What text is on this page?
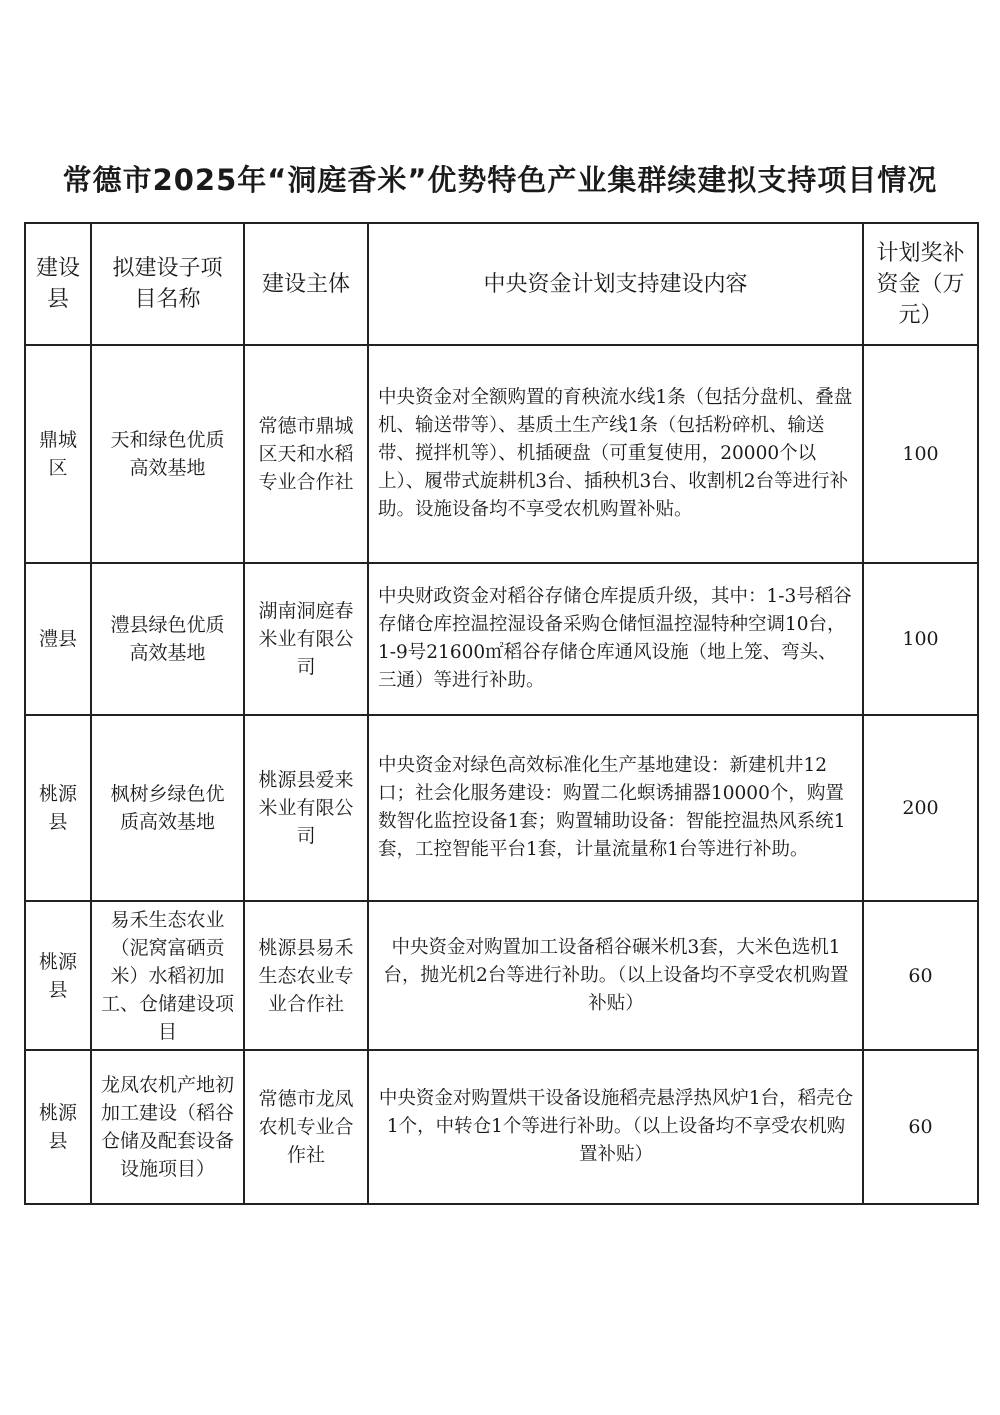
常德市2025年“洞庭香米”优势特色产业集群续建拟支持项目情况
建设县	拟建设子项目名称	建设主体	中央资金计划支持建设内容	计划奖补资金（万元）
鼎城区	天和绿色优质高效基地	常德市鼎城区天和水稻专业合作社	中央资金对全额购置的育秧流水线1条（包括分盘机、叠盘机、输送带等）、基质土生产线1条（包括粉碎机、输送带、搅拌机等）、机插硬盘（可重复使用，20000个以上）、履带式旋耕机3台、插秧机3台、收割机2台等进行补助。设施设备均不享受农机购置补贴。	100
澧县	澧县绿色优质高效基地	湖南洞庭春米业有限公司	中央财政资金对稻谷存储仓库提质升级，其中：1-3号稻谷存储仓库控温控湿设备采购仓储恒温控湿特种空调10台，1-9号21600㎡稻谷存储仓库通风设施（地上笼、弯头、三通）等进行补助。	100
桃源县	枫树乡绿色优质高效基地	桃源县爱来米业有限公司	中央资金对绿色高效标准化生产基地建设：新建机井12口；社会化服务建设：购置二化螟诱捕器10000个，购置数智化监控设备1套；购置辅助设备：智能控温热风系统1套，工控智能平台1套，计量流量称1台等进行补助。	200
桃源县	易禾生态农业（泥窝富硒贡米）水稻初加工、仓储建设项目	桃源县易禾生态农业专业合作社	中央资金对购置加工设备稻谷碾米机3套，大米色选机1台，抛光机2台等进行补助。（以上设备均不享受农机购置补贴）	60
桃源县	龙凤农机产地初加工建设（稻谷仓储及配套设备设施项目）	常德市龙凤农机专业合作社	中央资金对购置烘干设备设施稻壳悬浮热风炉1台，稻壳仓1个，中转仓1个等进行补助。（以上设备均不享受农机购置补贴）	60
